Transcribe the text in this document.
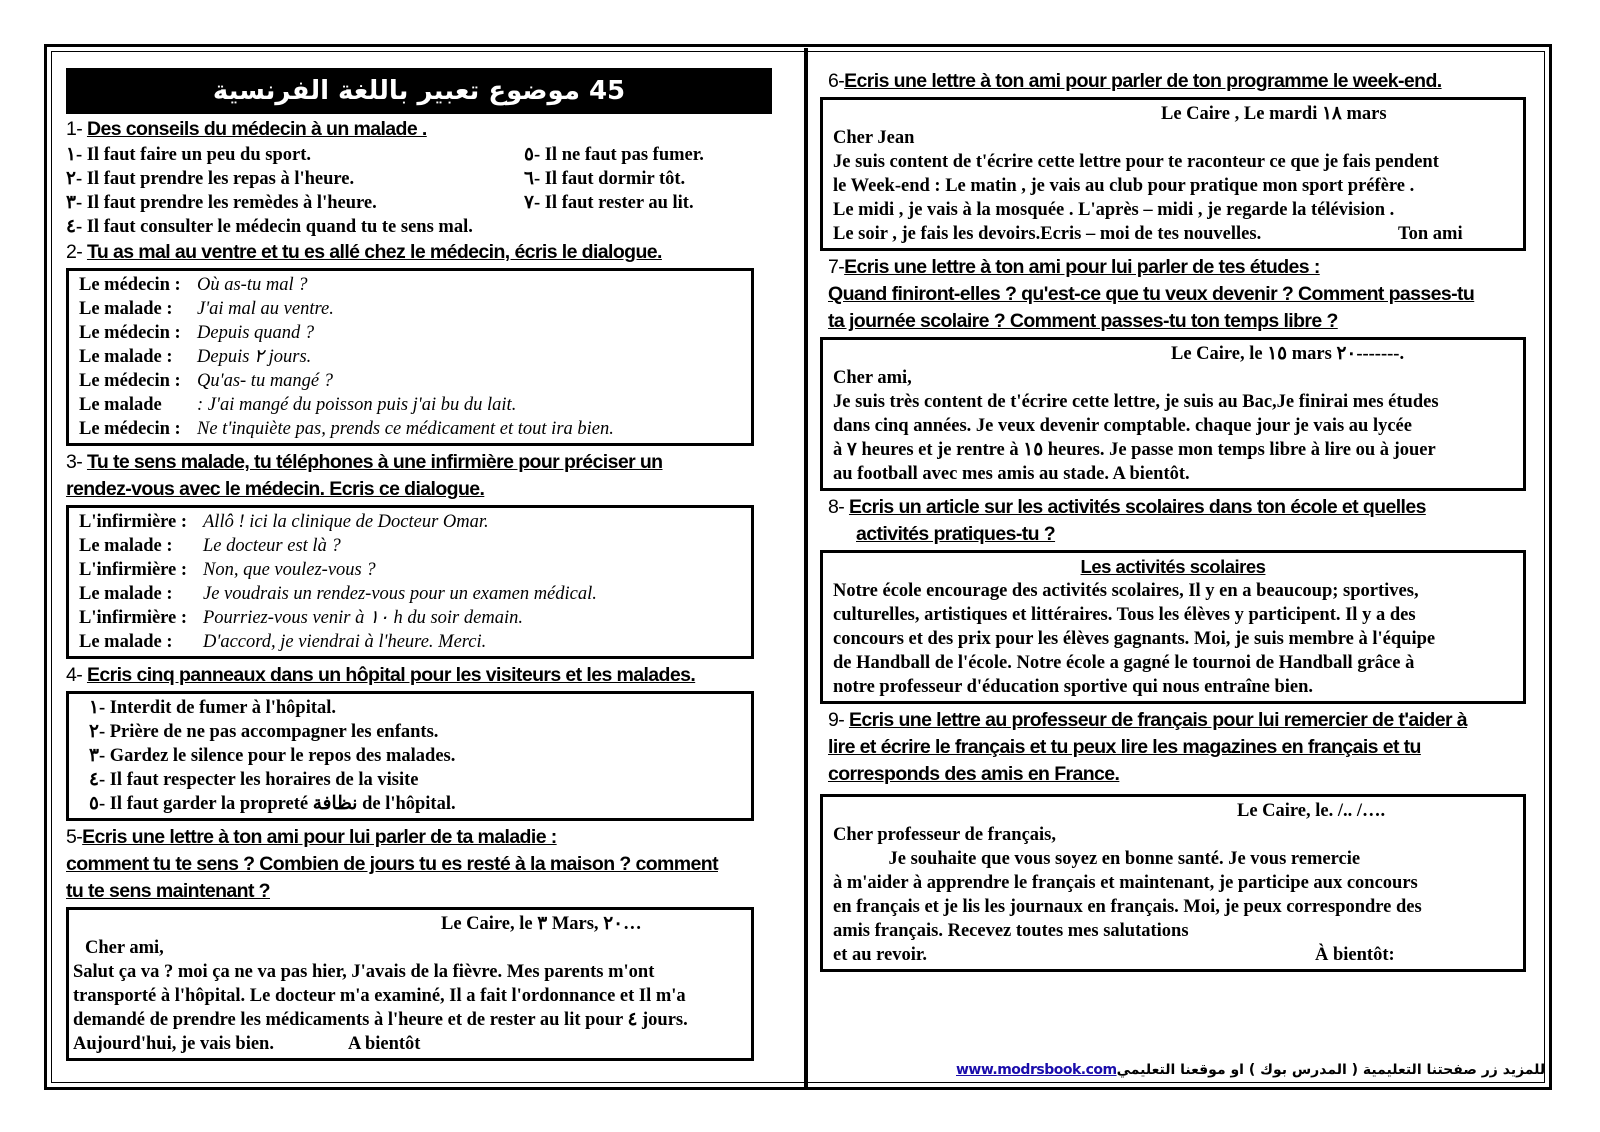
45 موضوع تعبير باللغة الفرنسية
1- Des conseils du médecin à un malade .
١- Il faut faire un peu du sport.	٥- Il ne faut pas fumer.
٢- Il faut prendre les repas à l'heure.	٦- Il faut dormir tôt.
٣- Il faut prendre les remèdes à l'heure.	٧- Il faut rester au lit.
٤- Il faut consulter le médecin quand tu te sens mal.
2- Tu as mal au ventre et tu es allé chez le médecin, écris le dialogue.
Le médecin : Où as-tu mal ?
Le malade : J'ai mal au ventre.
Le médecin : Depuis quand ?
Le malade : Depuis ٢ jours.
Le médecin : Qu'as- tu mangé ?
Le malade : J'ai mangé du poisson puis j'ai bu du lait.
Le médecin : Ne t'inquiète pas, prends ce médicament et tout ira bien.
3- Tu te sens malade, tu téléphones à une infirmière pour préciser un
rendez-vous avec le médecin. Ecris ce dialogue.
L'infirmière : Allô ! ici la clinique de Docteur Omar.
Le malade : Le docteur est là ?
L'infirmière : Non, que voulez-vous ?
Le malade : Je voudrais un rendez-vous pour un examen médical.
L'infirmière : Pourriez-vous venir à ١٠ h du soir demain.
Le malade : D'accord, je viendrai à l'heure. Merci.
4- Ecris cinq panneaux dans un hôpital pour les visiteurs et les malades.
١- Interdit de fumer à l'hôpital.
٢- Prière de ne pas accompagner les enfants.
٣- Gardez le silence pour le repos des malades.
٤- Il faut respecter les horaires de la visite
٥- Il faut garder la propreté نظافة de l'hôpital.
5-Ecris une lettre à ton ami pour lui parler de ta maladie :
comment tu te sens ? Combien de jours tu es resté à la maison ? comment
tu te sens maintenant ?
Le Caire, le ٣ Mars, ٢٠…
Cher ami,
Salut ça va ? moi ça ne va pas hier, J'avais de la fièvre. Mes parents m'ont
transporté à l'hôpital. Le docteur m'a examiné, Il a fait l'ordonnance et Il m'a
demandé de prendre les médicaments à l'heure et de rester au lit pour ٤ jours.
Aujourd'hui, je vais bien.	A bientôt
6-Ecris une lettre à ton ami pour parler de ton programme le week-end.
Le Caire , Le mardi ١٨ mars
Cher Jean
Je suis content de t'écrire cette lettre pour te raconteur ce que je fais pendent
le Week-end : Le matin , je vais au club pour pratique mon sport préfère .
Le midi , je vais à la mosquée . L'après – midi , je regarde la télévision .
Le soir , je fais les devoirs.Ecris – moi de tes nouvelles.	Ton ami
7-Ecris une lettre à ton ami pour lui parler de tes études :
Quand finiront-elles ? qu'est-ce que tu veux devenir ? Comment passes-tu
ta journée scolaire ? Comment passes-tu ton temps libre ?
Le Caire, le ١٥ mars ٢٠-------.
Cher ami,
Je suis très content de t'écrire cette lettre, je suis au Bac,Je finirai mes études
dans cinq années. Je veux devenir comptable. chaque jour je vais au lycée
à ٧ heures et je rentre à ١٥ heures. Je passe mon temps libre à lire ou à jouer
au football avec mes amis au stade. A bientôt.
8- Ecris un article sur les activités scolaires dans ton école et quelles
activités pratiques-tu ?
Les activités scolaires
Notre école encourage des activités scolaires, Il y en a beaucoup; sportives,
culturelles, artistiques et littéraires. Tous les élèves y participent. Il y a des
concours et des prix pour les élèves gagnants. Moi, je suis membre à l'équipe
de Handball de l'école. Notre école a gagné le tournoi de Handball grâce à
notre professeur d'éducation sportive qui nous entraîne bien.
9- Ecris une lettre au professeur de français pour lui remercier de t'aider à
lire et écrire le français et tu peux lire les magazines en français et tu
corresponds des amis en France.
Le Caire, le. /.. /….
Cher professeur de français,
Je souhaite que vous soyez en bonne santé. Je vous remercie
à m'aider à apprendre le français et maintenant, je participe aux concours
en français et je lis les journaux en français. Moi, je peux correspondre des
amis français. Recevez toutes mes salutations
et au revoir.	À bientôt:
www.modrsbook.com للمزيد زر صفحتنا التعليمية ( المدرس بوك ) او موقعنا التعليمي
